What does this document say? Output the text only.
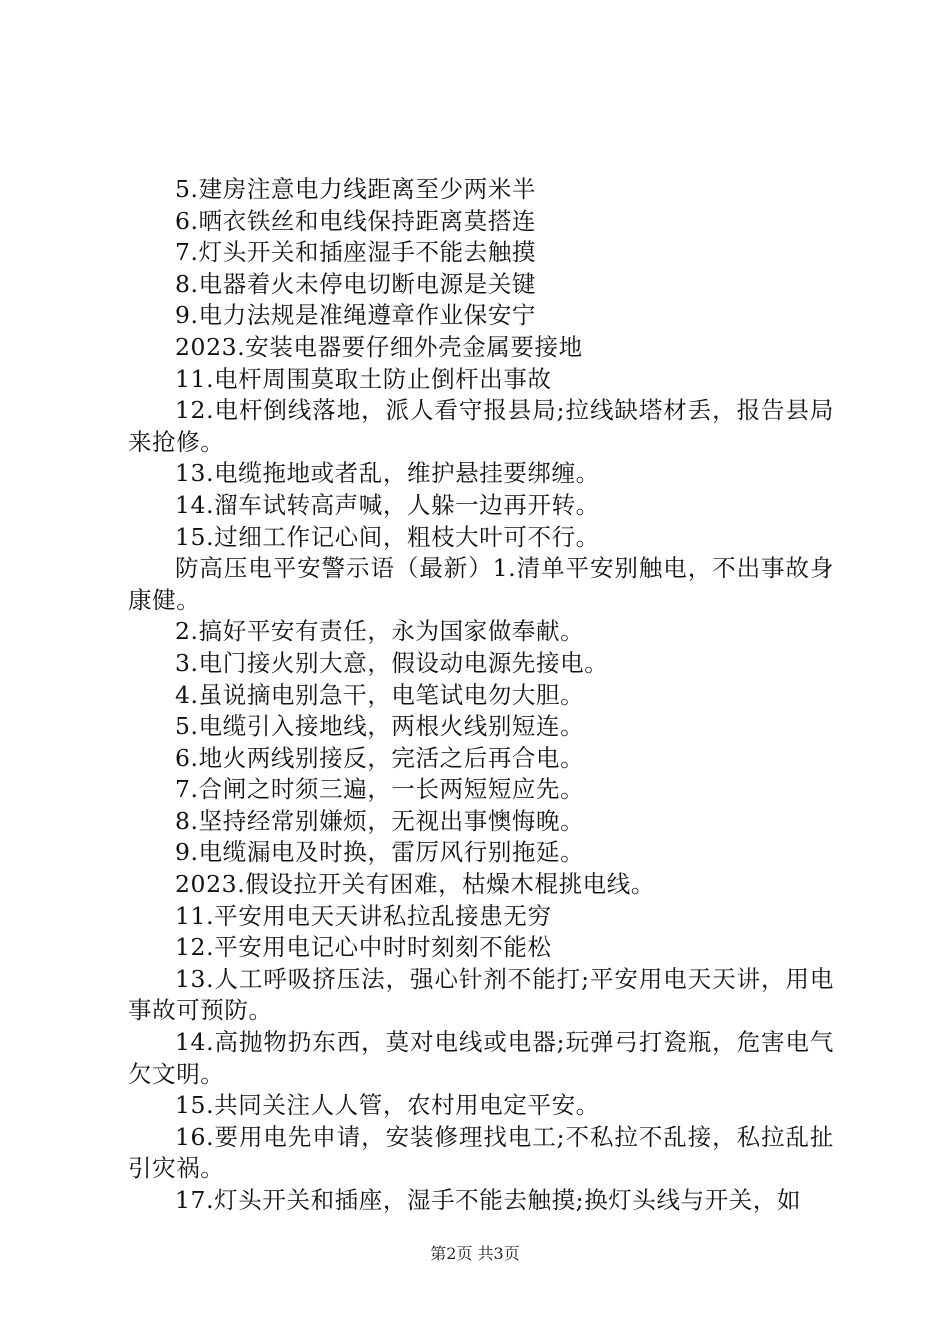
5.建房注意电力线距离至少两米半

6.晒衣铁丝和电线保持距离莫搭连

7.灯头开关和插座湿手不能去触摸

8.电器着火未停电切断电源是关键

9.电力法规是准绳遵章作业保安宁

2023.安装电器要仔细外壳金属要接地

11.电杆周围莫取土防止倒杆出事故

12.电杆倒线落地，派人看守报县局;拉线缺塔材丢，报告县局来抢修。

13.电缆拖地或者乱，维护悬挂要绑缠。

14.溜车试转高声喊，人躲一边再开转。

15.过细工作记心间，粗枝大叶可不行。

防高压电平安警示语（最新）1.清单平安别触电，不出事故身康健。

2.搞好平安有责任，永为国家做奉献。

3.电门接火别大意，假设动电源先接电。

4.虽说摘电别急干，电笔试电勿大胆。

5.电缆引入接地线，两根火线别短连。

6.地火两线别接反，完活之后再合电。

7.合闸之时须三遍，一长两短短应先。

8.坚持经常别嫌烦，无视出事懊悔晚。

9.电缆漏电及时换，雷厉风行别拖延。

2023.假设拉开关有困难，枯燥木棍挑电线。

11.平安用电天天讲私拉乱接患无穷

12.平安用电记心中时时刻刻不能松

13.人工呼吸挤压法，强心针剂不能打;平安用电天天讲，用电事故可预防。

14.高抛物扔东西，莫对电线或电器;玩弹弓打瓷瓶，危害电气欠文明。

15.共同关注人人管，农村用电定平安。

16.要用电先申请，安装修理找电工;不私拉不乱接，私拉乱扯引灾祸。

17.灯头开关和插座，湿手不能去触摸;换灯头线与开关，如

第2页 共3页
